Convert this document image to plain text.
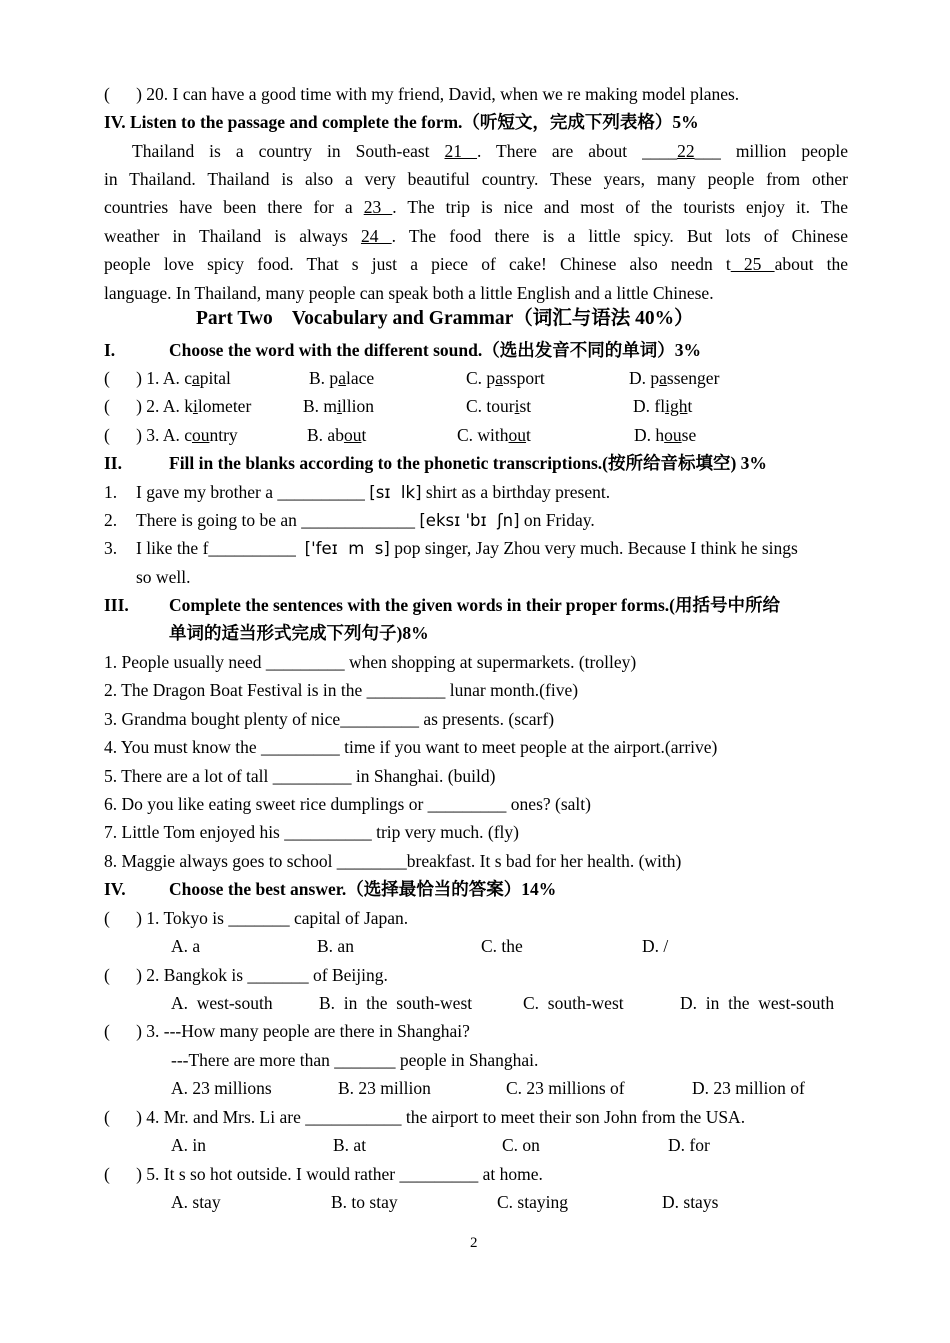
(      ) 20. I can have a good time with my friend, David, when we re making model planes.
IV. Listen to the passage and complete the form.（听短文，完成下列表格）5%
Thailand is a country in South-east 21 . There are about ____22___ million people
in Thailand. Thailand is also a very beautiful country. These years, many people from other
countries have been there for a 23 . The trip is nice and most of the tourists enjoy it. The
weather in Thailand is always 24 . The food there is a little spicy. But lots of Chinese
people love spicy food. That s just a piece of cake! Chinese also needn t 25 about the
language. In Thailand, many people can speak both a little English and a little Chinese.
Part Two    Vocabulary and Grammar（词汇与语法 40%）
I.	Choose the word with the different sound.（选出发音不同的单词）3%
(      ) 1. A. capital	B. palace	C. passport	D. passenger
(      ) 2. A. kilometer	B. million	C. tourist	D. flight
(      ) 3. A. country	B. about	C. without	D. house
II.	Fill in the blanks according to the phonetic transcriptions.(按所给音标填空) 3%
1. I gave my brother a __________ [sɪ  lk] shirt as a birthday present.
2. There is going to be an _____________ [eksɪ 'bɪ  ʃn] on Friday.
3. I like the f__________  ['feɪ  m  s] pop singer, Jay Zhou very much. Because I think he sings
so well.
III. Complete the sentences with the given words in their proper forms.(用括号中所给
单词的适当形式完成下列句子)8%
1. People usually need _________ when shopping at supermarkets. (trolley)
2. The Dragon Boat Festival is in the _________ lunar month.(five)
3. Grandma bought plenty of nice_________ as presents. (scarf)
4. You must know the _________ time if you want to meet people at the airport.(arrive)
5. There are a lot of tall _________ in Shanghai. (build)
6. Do you like eating sweet rice dumplings or _________ ones? (salt)
7. Little Tom enjoyed his __________ trip very much. (fly)
8. Maggie always goes to school ________breakfast. It s bad for her health. (with)
IV. Choose the best answer.（选择最恰当的答案）14%
(      ) 1. Tokyo is _______ capital of Japan.
A. a	B. an	C. the	D. /
(      ) 2. Bangkok is _______ of Beijing.
A.  west-south	B.  in  the  south-west	C.  south-west	D.  in  the  west-south
(      ) 3. ---How many people are there in Shanghai?
---There are more than _______ people in Shanghai.
A. 23 millions	B. 23 million	C. 23 millions of	D. 23 million of
(      ) 4. Mr. and Mrs. Li are ___________ the airport to meet their son John from the USA.
A. in	B. at	C. on	D. for
(      ) 5. It s so hot outside. I would rather _________ at home.
A. stay	B. to stay	C. staying	D. stays
2
